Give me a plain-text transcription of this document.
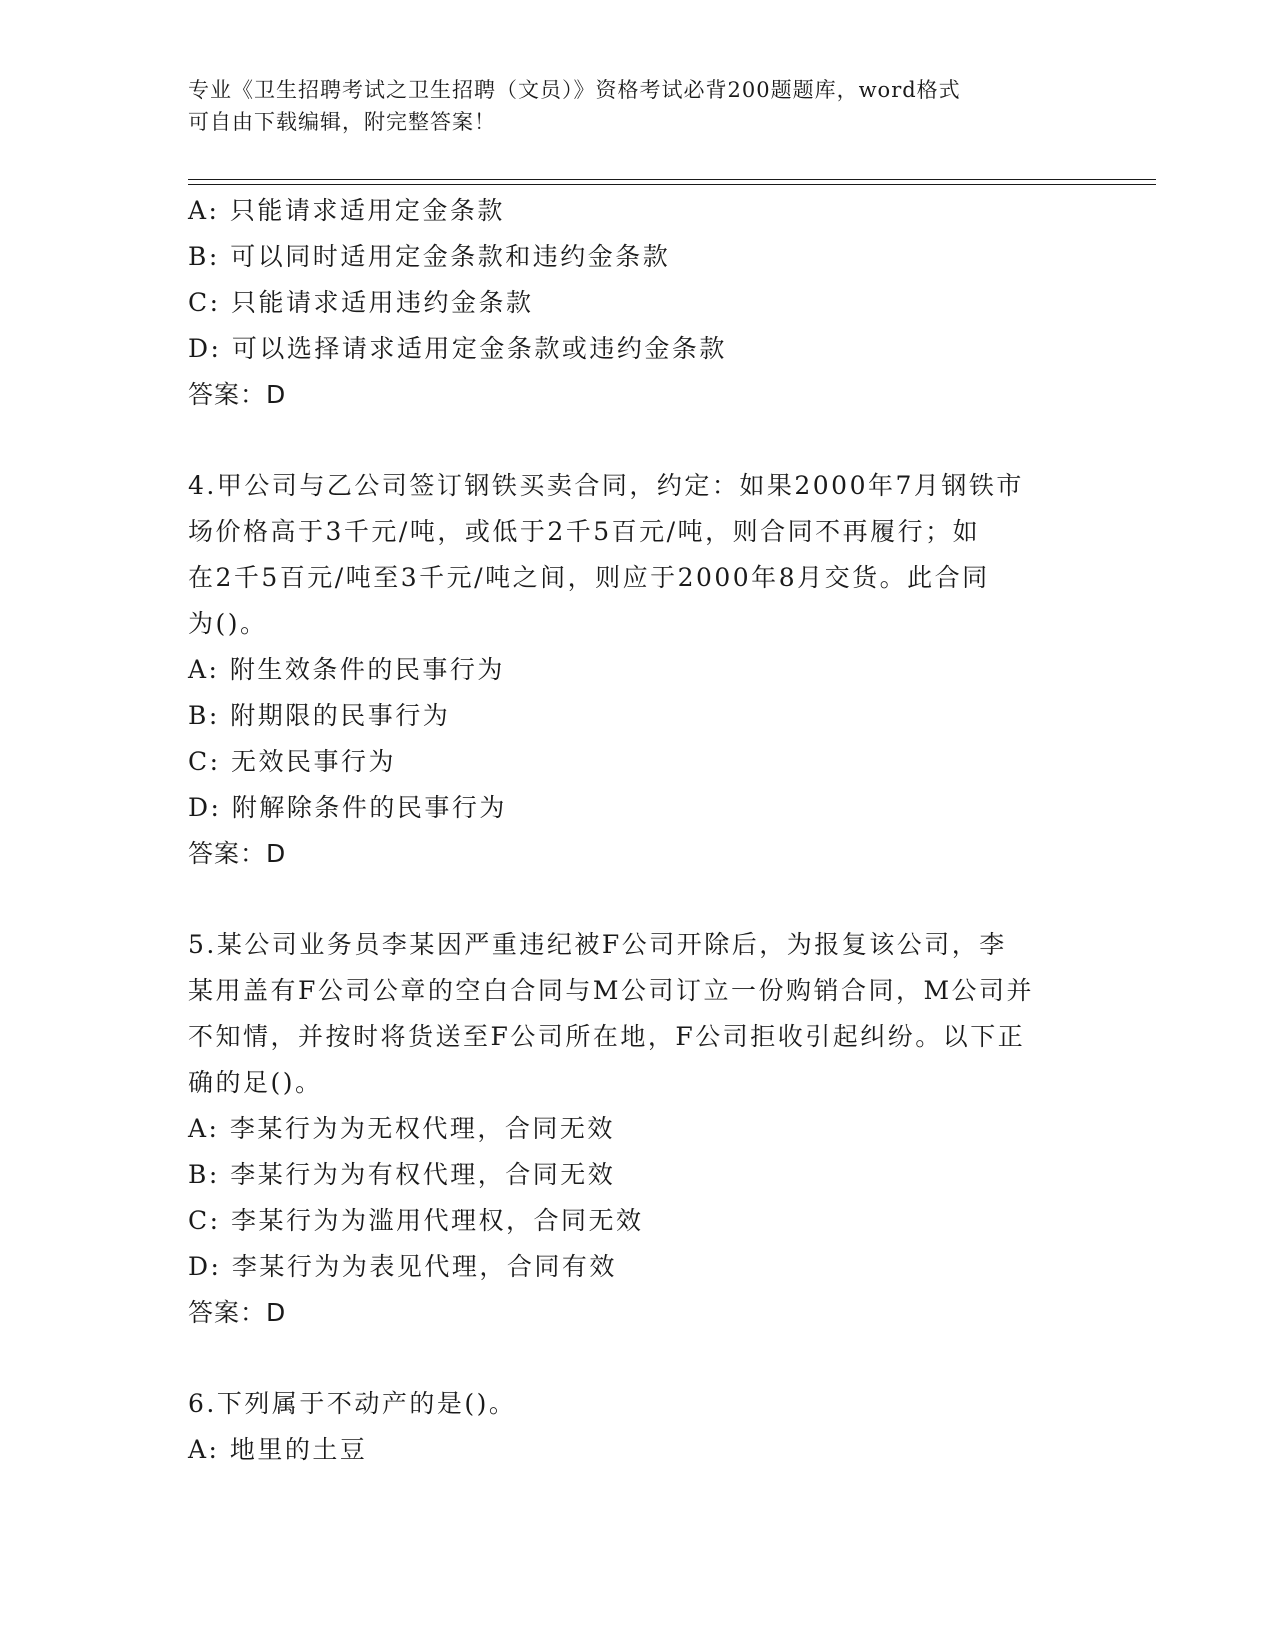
专业《卫生招聘考试之卫生招聘（文员）》资格考试必背200题题库，word格式
可自由下载编辑，附完整答案！
A: 只能请求适用定金条款
B: 可以同时适用定金条款和违约金条款
C: 只能请求适用违约金条款
D: 可以选择请求适用定金条款或违约金条款
答案：D
4.甲公司与乙公司签订钢铁买卖合同，约定：如果2000年7月钢铁市
场价格高于3千元/吨，或低于2千5百元/吨，则合同不再履行；如
在2千5百元/吨至3千元/吨之间，则应于2000年8月交货。此合同
为()。
A: 附生效条件的民事行为
B: 附期限的民事行为
C: 无效民事行为
D: 附解除条件的民事行为
答案：D
5.某公司业务员李某因严重违纪被F公司开除后，为报复该公司，李
某用盖有F公司公章的空白合同与M公司订立一份购销合同，M公司并
不知情，并按时将货送至F公司所在地，F公司拒收引起纠纷。以下正
确的足()。
A: 李某行为为无权代理，合同无效
B: 李某行为为有权代理，合同无效
C: 李某行为为滥用代理权，合同无效
D: 李某行为为表见代理，合同有效
答案：D
6.下列属于不动产的是()。
A: 地里的土豆
